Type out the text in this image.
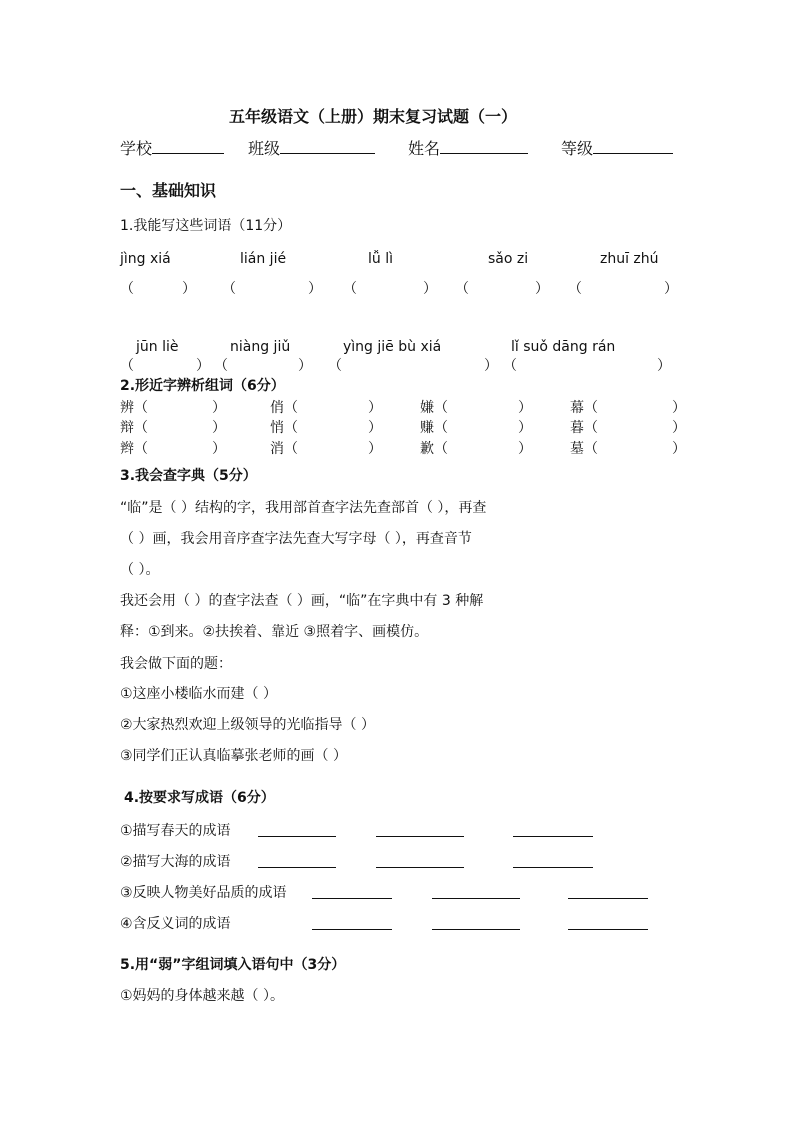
五年级语文（上册）期末复习试题（一）
学校	班级	姓名	等级
一、基础知识
1.我能写这些词语（11分）
jìng xiá	lián jié	lǚ lì	sǎo zi	zhuī zhú
（	） （	） （	） （	） （	）
jūn liè	niàng jiǔ	yìng jiē bù xiá	lǐ suǒ dāng rán
（	） （	） （	） （	）
2.形近字辨析组词（6分）
辨（	）	俏（	）	嫌（	）	幕（	）
辩（	）	悄（	）	赚（	）	暮（	）
辫（	）	消（	）	歉（	）	墓（	）
3.我会查字典（5分）
“临”是（ ）结构的字，我用部首查字法先查部首（ ），再查
（ ）画，我会用音序查字法先查大写字母（ ），再查音节
（ ）。
我还会用（ ）的查字法查（ ）画，“临”在字典中有 3 种解
释：①到来。②扶挨着、靠近 ③照着字、画模仿。
我会做下面的题：
①这座小楼临水而建（ ）
②大家热烈欢迎上级领导的光临指导（ ）
③同学们正认真临摹张老师的画（ ）
4.按要求写成语（6分）
①描写春天的成语
②描写大海的成语
③反映人物美好品质的成语
④含反义词的成语
5.用“弱”字组词填入语句中（3分）
①妈妈的身体越来越（ ）。
